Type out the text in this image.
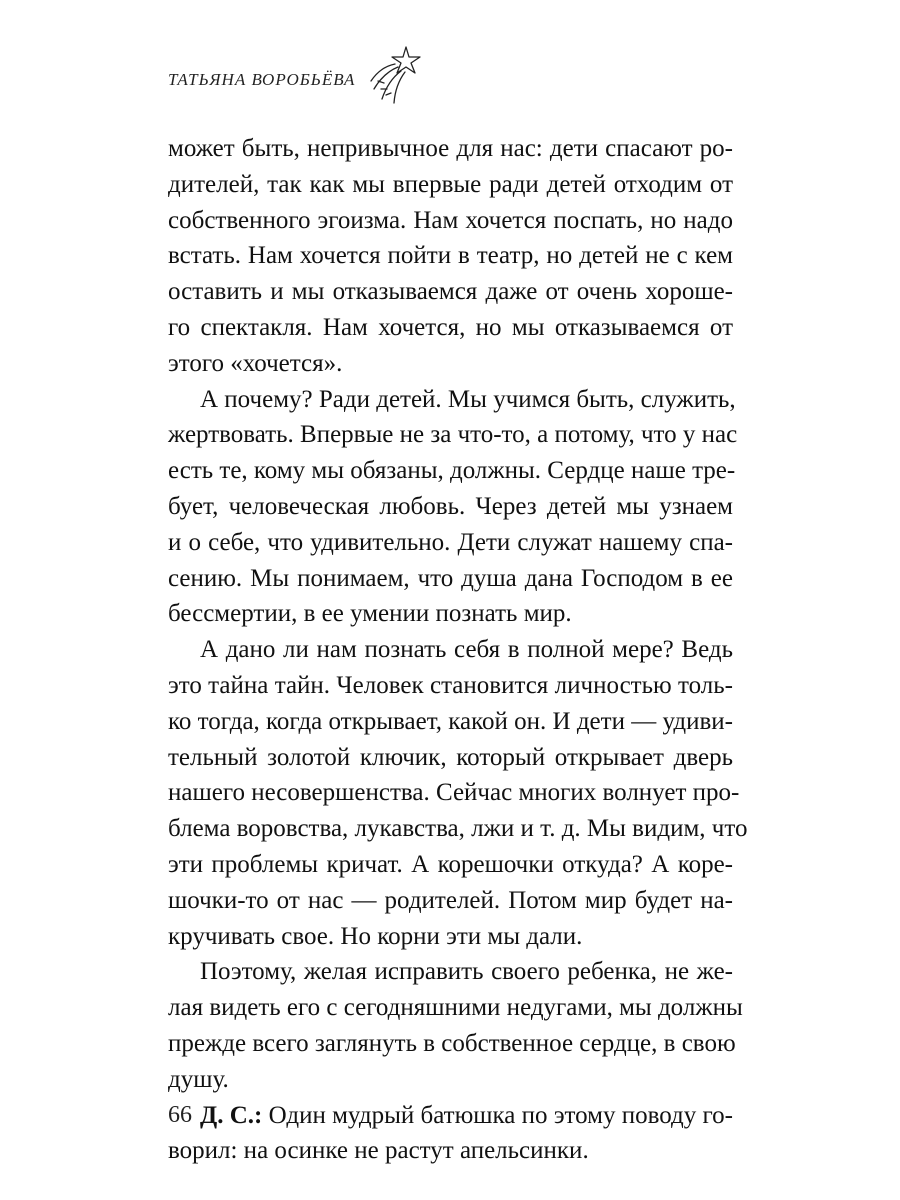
ТАТЬЯНА ВОРОБЬЁВА
может быть, непривычное для нас: дети спасают ро-
дителей, так как мы впервые ради детей отходим от
собственного эгоизма. Нам хочется поспать, но надо
встать. Нам хочется пойти в театр, но детей не с кем
оставить и мы отказываемся даже от очень хороше-
го спектакля. Нам хочется, но мы отказываемся от
этого «хочется».
А почему? Ради детей. Мы учимся быть, служить,
жертвовать. Впервые не за что-то, а потому, что у нас
есть те, кому мы обязаны, должны. Сердце наше тре-
бует, человеческая любовь. Через детей мы узнаем
и о себе, что удивительно. Дети служат нашему спа-
сению. Мы понимаем, что душа дана Господом в ее
бессмертии, в ее умении познать мир.
А дано ли нам познать себя в полной мере? Ведь
это тайна тайн. Человек становится личностью толь-
ко тогда, когда открывает, какой он. И дети — удиви-
тельный золотой ключик, который открывает дверь
нашего несовершенства. Сейчас многих волнует про-
блема воровства, лукавства, лжи и т. д. Мы видим, что
эти проблемы кричат. А корешочки откуда? А коре-
шочки-то от нас — родителей. Потом мир будет на-
кручивать свое. Но корни эти мы дали.
Поэтому, желая исправить своего ребенка, не же-
лая видеть его с сегодняшними недугами, мы должны
прежде всего заглянуть в собственное сердце, в свою
душу.
Д. С.: Один мудрый батюшка по этому поводу го-
ворил: на осинке не растут апельсинки.
66
